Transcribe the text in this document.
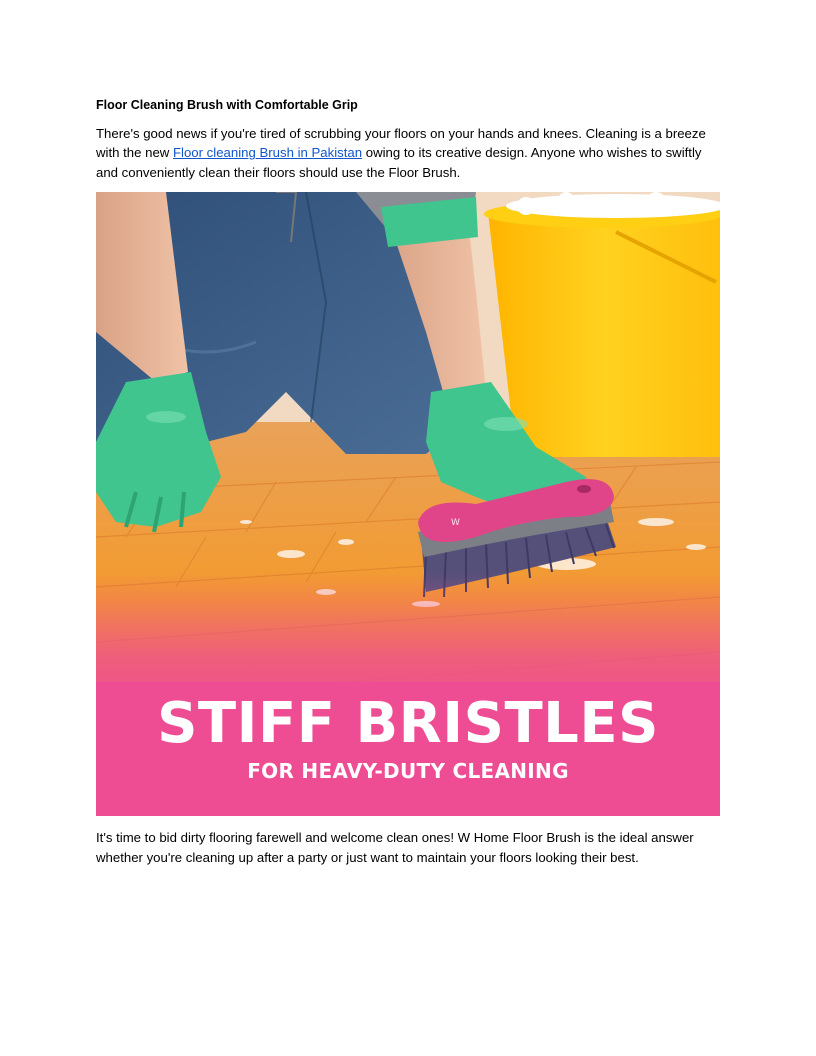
Floor Cleaning Brush with Comfortable Grip

There's good news if you're tired of scrubbing your floors on your hands and knees. Cleaning is a breeze with the new Floor cleaning Brush in Pakistan owing to its creative design. Anyone who wishes to swiftly and conveniently clean their floors should use the Floor Brush.

W
STIFF BRISTLES
FOR HEAVY-DUTY CLEANING

It's time to bid dirty flooring farewell and welcome clean ones! W Home Floor Brush is the ideal answer whether you're cleaning up after a party or just want to maintain your floors looking their best.
